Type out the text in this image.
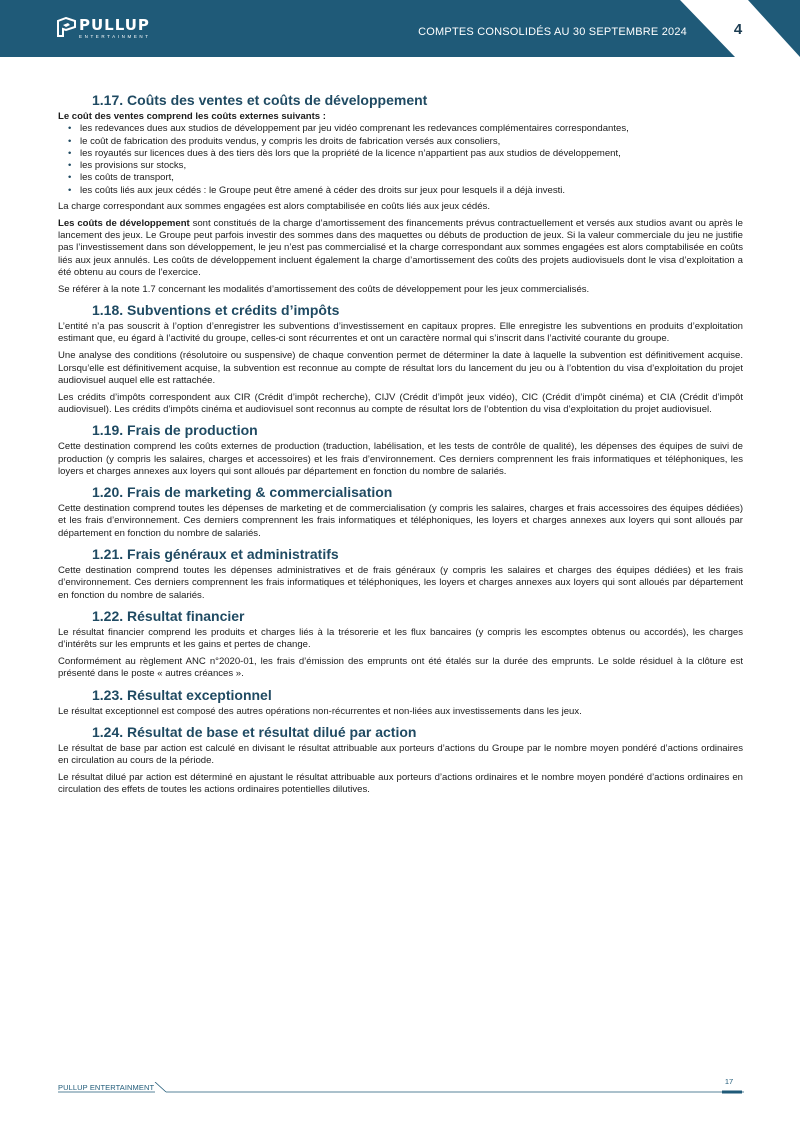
PULLUP
ENTERTAINMENT	COMPTES CONSOLIDÉS AU 30 SEPTEMBRE 2024	4
1.17. Coûts des ventes et coûts de développement

Le coût des ventes comprend les coûts externes suivants :

• les redevances dues aux studios de développement par jeu vidéo comprenant les redevances complémentaires correspondantes,
• le coût de fabrication des produits vendus, y compris les droits de fabrication versés aux consoliers,
• les royautés sur licences dues à des tiers dès lors que la propriété de la licence n’appartient pas aux studios de développement,
• les provisions sur stocks,
• les coûts de transport,
• les coûts liés aux jeux cédés : le Groupe peut être amené à céder des droits sur jeux pour lesquels il a déjà investi.

La charge correspondant aux sommes engagées est alors comptabilisée en coûts liés aux jeux cédés.

Les coûts de développement sont constitués de la charge d’amortissement des financements prévus contractuellement et versés aux studios avant ou après le lancement des jeux. Le Groupe peut parfois investir des sommes dans des maquettes ou débuts de production de jeux. Si la valeur commerciale du jeu ne justifie pas l’investissement dans son développement, le jeu n’est pas commercialisé et la charge correspondant aux sommes engagées est alors comptabilisée en coûts liés aux jeux annulés. Les coûts de développement incluent également la charge d’amortissement des coûts des projets audiovisuels dont le visa d’exploitation a été obtenu au cours de l’exercice.

Se référer à la note 1.7 concernant les modalités d’amortissement des coûts de développement pour les jeux commercialisés.

1.18. Subventions et crédits d’impôts

L’entité n’a pas souscrit à l’option d’enregistrer les subventions d’investissement en capitaux propres. Elle enregistre les subventions en produits d’exploitation estimant que, eu égard à l’activité du groupe, celles-ci sont récurrentes et ont un caractère normal qui s’inscrit dans l’activité courante du groupe.

Une analyse des conditions (résolutoire ou suspensive) de chaque convention permet de déterminer la date à laquelle la subvention est définitivement acquise. Lorsqu’elle est définitivement acquise, la subvention est reconnue au compte de résultat lors du lancement du jeu ou à l’obtention du visa d’exploitation du projet audiovisuel auquel elle est rattachée.

Les crédits d’impôts correspondent aux CIR (Crédit d’impôt recherche), CIJV (Crédit d’impôt jeux vidéo), CIC (Crédit d’impôt cinéma) et CIA (Crédit d’impôt audiovisuel). Les crédits d’impôts cinéma et audiovisuel sont reconnus au compte de résultat lors de l’obtention du visa d’exploitation du projet audiovisuel.

1.19. Frais de production

Cette destination comprend les coûts externes de production (traduction, labélisation, et les tests de contrôle de qualité), les dépenses des équipes de suivi de production (y compris les salaires, charges et accessoires) et les frais d’environnement. Ces derniers comprennent les frais informatiques et téléphoniques, les loyers et charges annexes aux loyers qui sont alloués par département en fonction du nombre de salariés.

1.20. Frais de marketing & commercialisation

Cette destination comprend toutes les dépenses de marketing et de commercialisation (y compris les salaires, charges et frais accessoires des équipes dédiées) et les frais d’environnement. Ces derniers comprennent les frais informatiques et téléphoniques, les loyers et charges annexes aux loyers qui sont alloués par département en fonction du nombre de salariés.

1.21. Frais généraux et administratifs

Cette destination comprend toutes les dépenses administratives et de frais généraux (y compris les salaires et charges des équipes dédiées) et les frais d’environnement. Ces derniers comprennent les frais informatiques et téléphoniques, les loyers et charges annexes aux loyers qui sont alloués par département en fonction du nombre de salariés.

1.22. Résultat financier

Le résultat financier comprend les produits et charges liés à la trésorerie et les flux bancaires (y compris les escomptes obtenus ou accordés), les charges d’intérêts sur les emprunts et les gains et pertes de change.

Conformément au règlement ANC n°2020-01, les frais d’émission des emprunts ont été étalés sur la durée des emprunts. Le solde résiduel à la clôture est présenté dans le poste « autres créances ».

1.23. Résultat exceptionnel

Le résultat exceptionnel est composé des autres opérations non-récurrentes et non-liées aux investissements dans les jeux.

1.24. Résultat de base et résultat dilué par action

Le résultat de base par action est calculé en divisant le résultat attribuable aux porteurs d’actions du Groupe par le nombre moyen pondéré d’actions ordinaires en circulation au cours de la période.

Le résultat dilué par action est déterminé en ajustant le résultat attribuable aux porteurs d’actions ordinaires et le nombre moyen pondéré d’actions ordinaires en circulation des effets de toutes les actions ordinaires potentielles dilutives.

PULLUP ENTERTAINMENT
17
